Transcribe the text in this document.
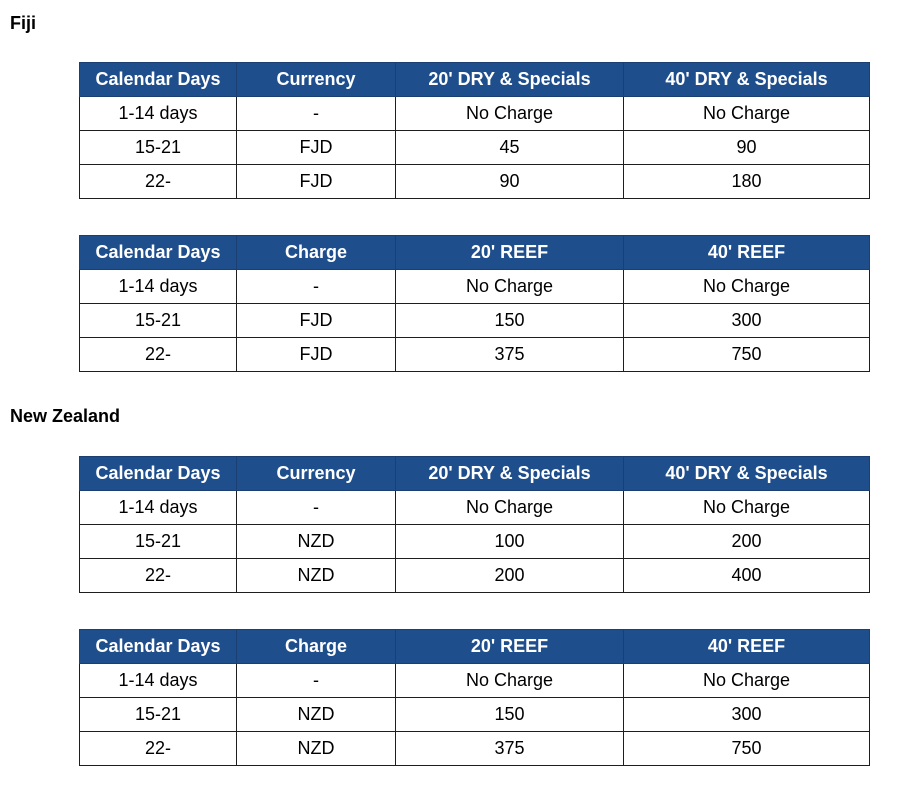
Fiji
Calendar Days	Currency	20' DRY & Specials	40' DRY & Specials
1-14 days	-	No Charge	No Charge
15-21	FJD	45	90
22-	FJD	90	180
Calendar Days	Charge	20' REEF	40' REEF
1-14 days	-	No Charge	No Charge
15-21	FJD	150	300
22-	FJD	375	750
New Zealand
Calendar Days	Currency	20' DRY & Specials	40' DRY & Specials
1-14 days	-	No Charge	No Charge
15-21	NZD	100	200
22-	NZD	200	400
Calendar Days	Charge	20' REEF	40' REEF
1-14 days	-	No Charge	No Charge
15-21	NZD	150	300
22-	NZD	375	750
